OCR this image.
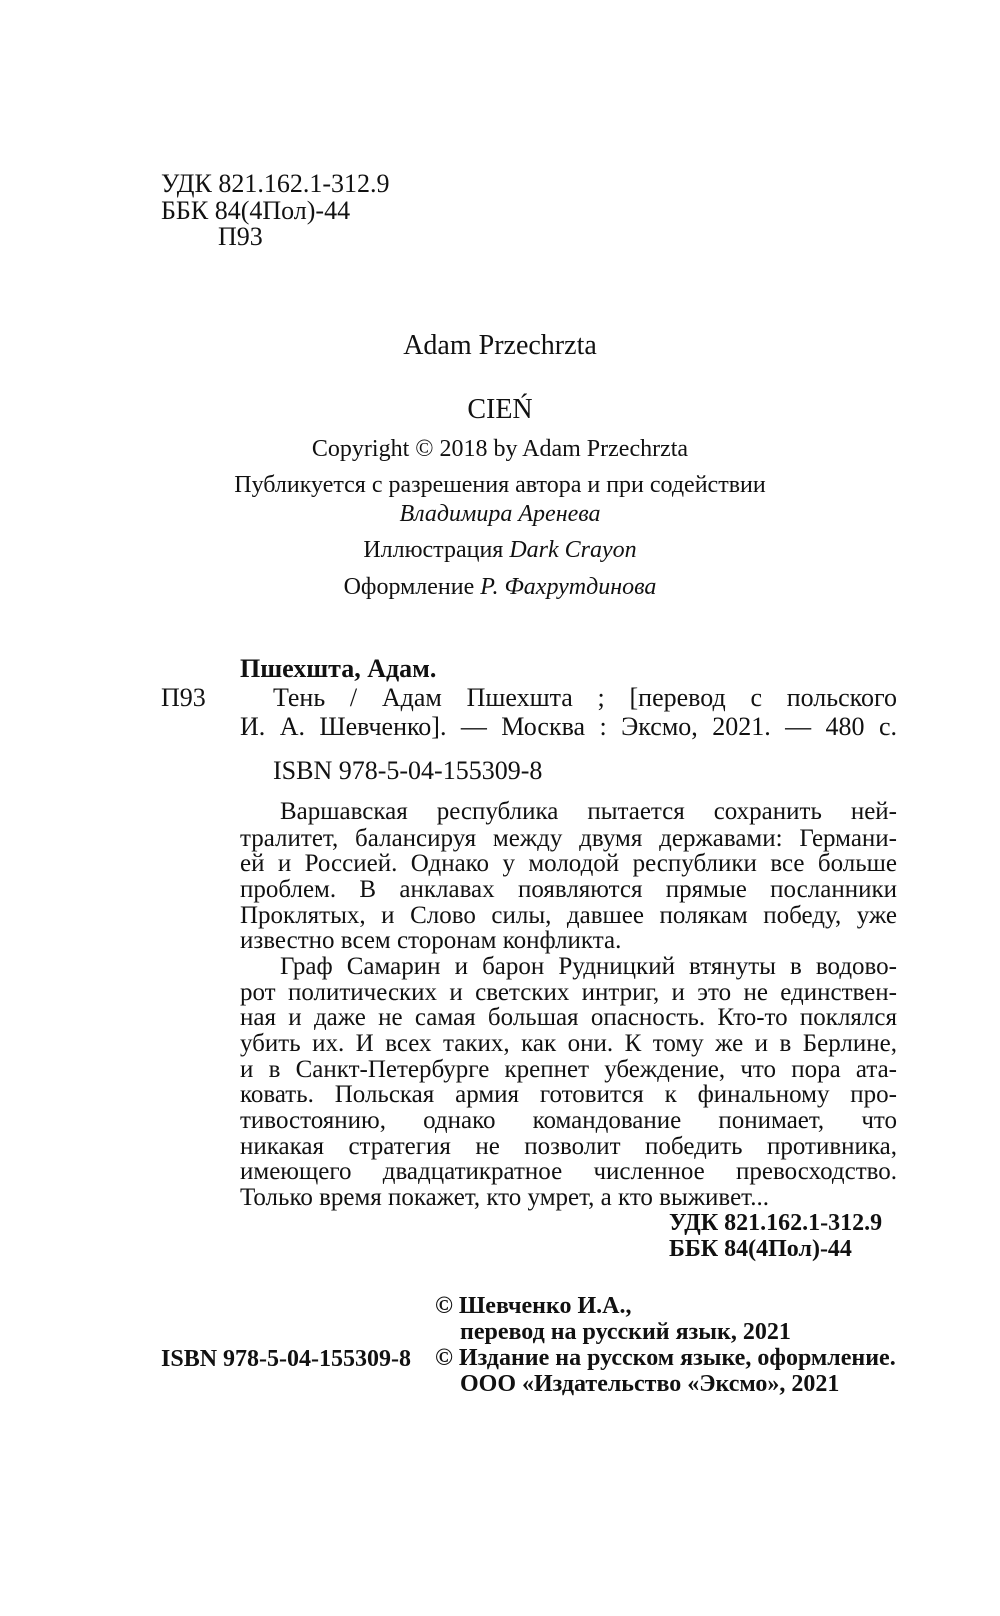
УДК 821.162.1-312.9
ББК 84(4Пол)-44
П93
Adam Przechrzta
CIEŃ
Copyright © 2018 by Adam Przechrzta
Публикуется с разрешения автора и при содействии
Владимира Аренева
Иллюстрация Dark Crayon
Оформление Р. Фахрутдинова
Пшехшта, Адам.
П93	Тень / Адам Пшехшта ; [перевод с польского
И. А. Шевченко]. — Москва : Эксмо, 2021. — 480 с.
ISBN 978-5-04-155309-8
Варшавская республика пытается сохранить ней-
тралитет, балансируя между двумя державами: Германи-
ей и Россией. Однако у молодой республики все больше
проблем. В анклавах появляются прямые посланники
Проклятых, и Слово силы, давшее полякам победу, уже
известно всем сторонам конфликта.
Граф Самарин и барон Рудницкий втянуты в водово-
рот политических и светских интриг, и это не единствен-
ная и даже не самая большая опасность. Кто-то поклялся
убить их. И всех таких, как они. К тому же и в Берлине,
и в Санкт-Петербурге крепнет убеждение, что пора ата-
ковать. Польская армия готовится к финальному про-
тивостоянию, однако командование понимает, что
никакая стратегия не позволит победить противника,
имеющего двадцатикратное численное превосходство.
Только время покажет, кто умрет, а кто выживет...
УДК 821.162.1-312.9
ББК 84(4Пол)-44
ISBN 978-5-04-155309-8
© Шевченко И.А.,
перевод на русский язык, 2021
© Издание на русском языке, оформление.
ООО «Издательство «Эксмо», 2021
